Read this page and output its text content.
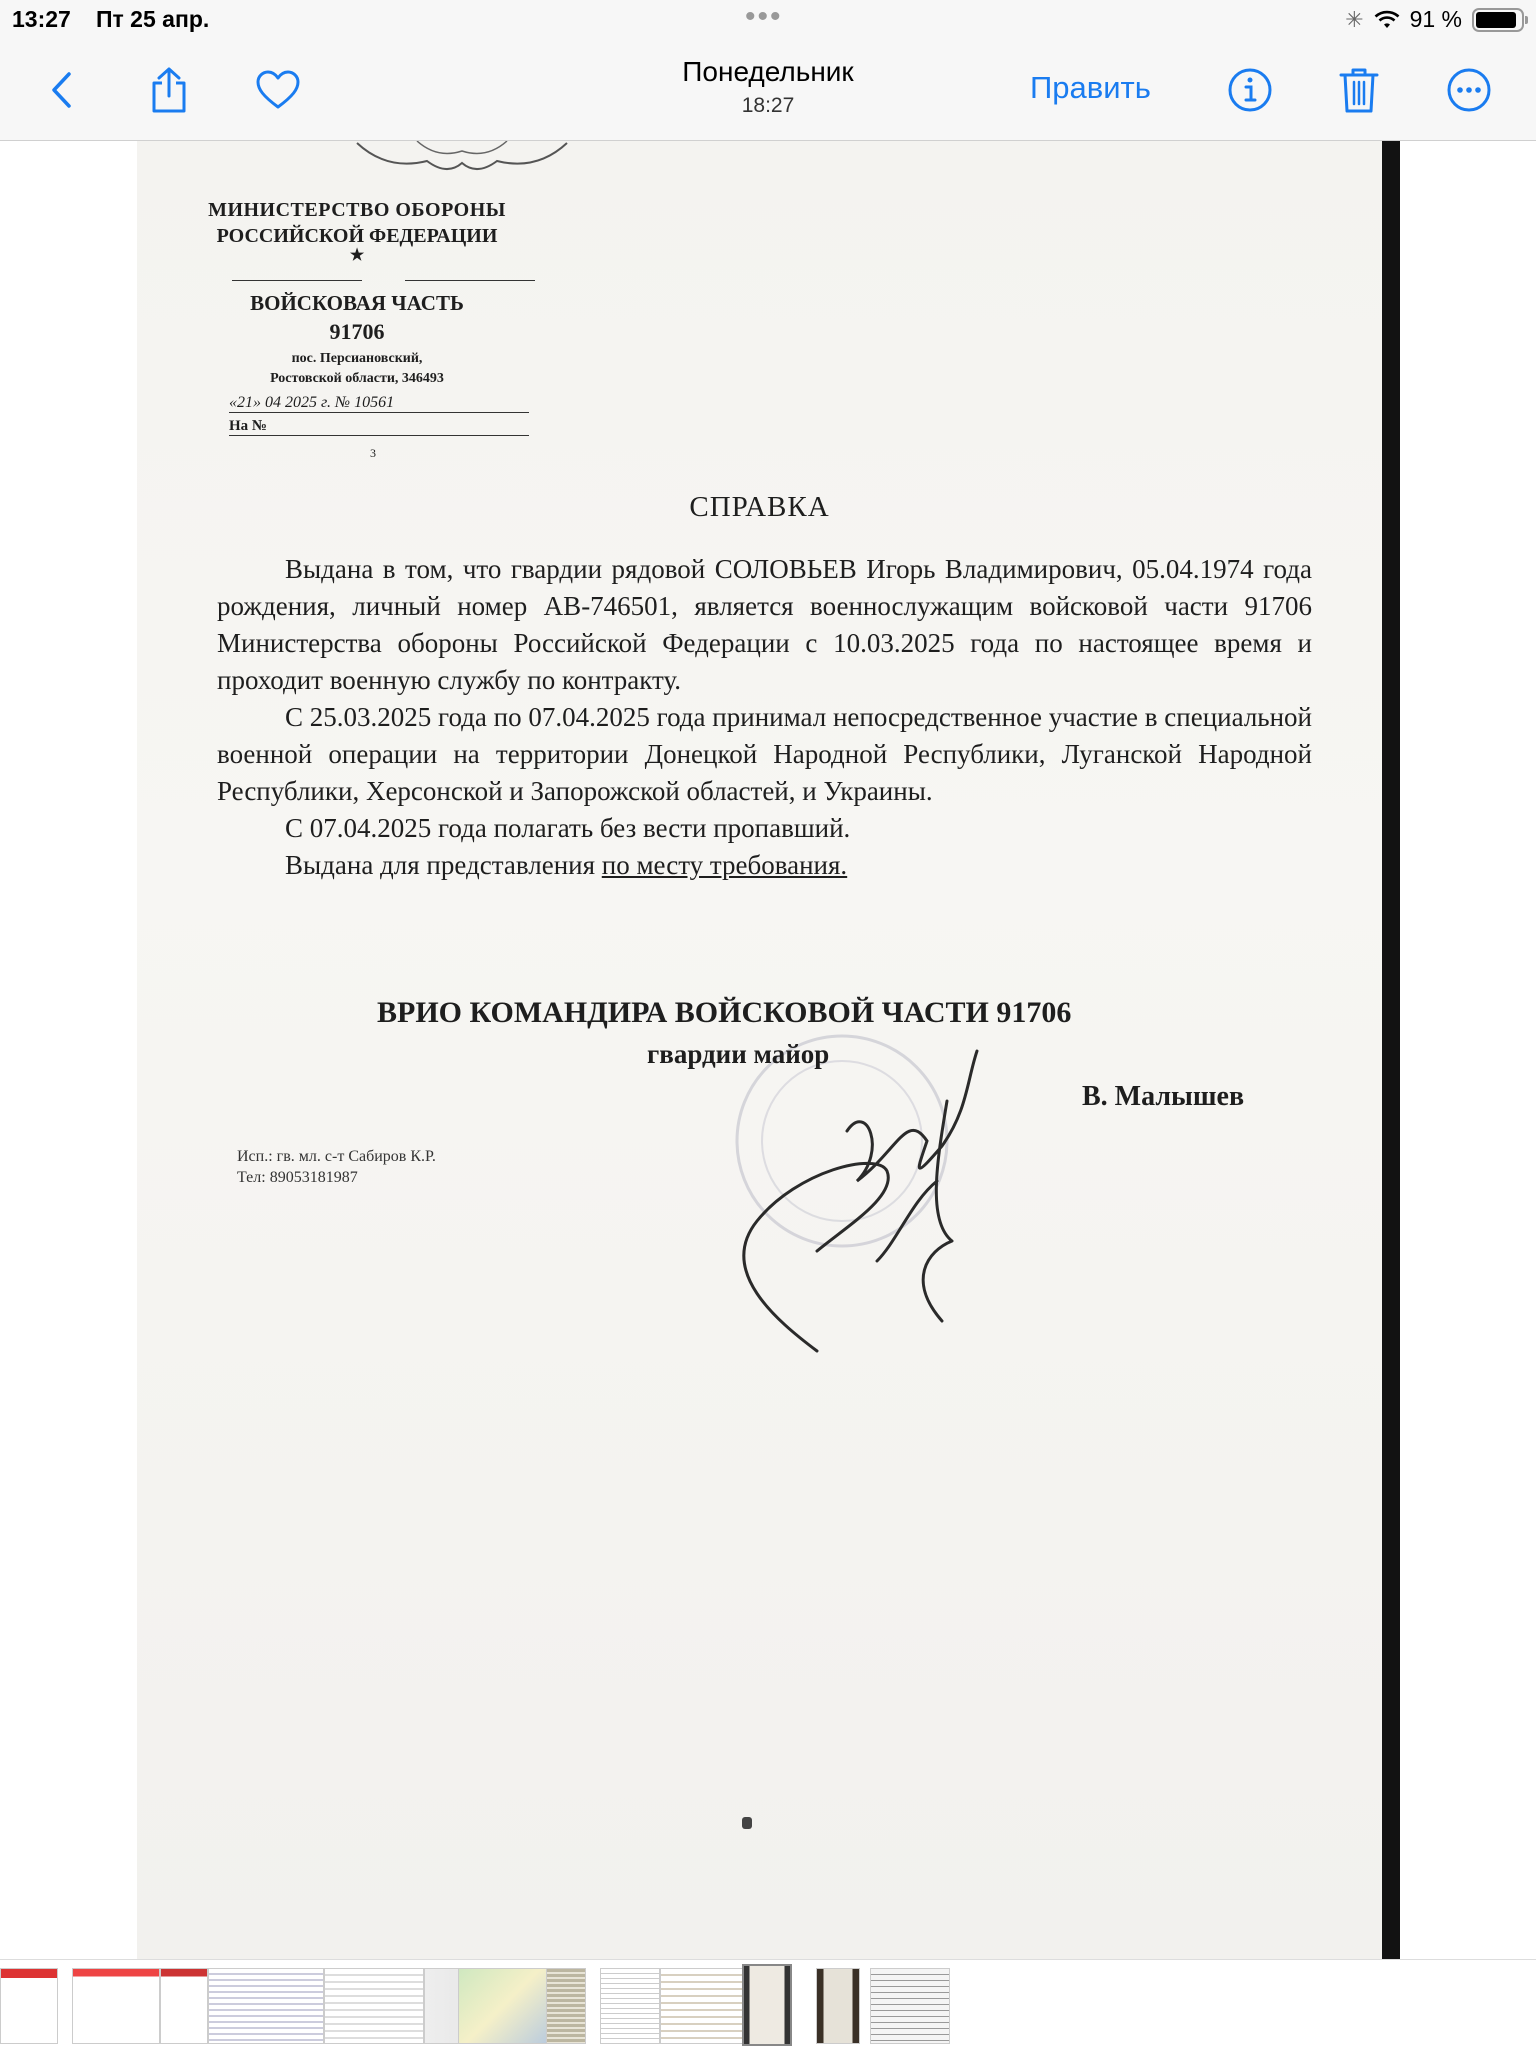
13:27 Пт 25 апр.	•••	✳ 91 %
Понедельник
18:27
Править
МИНИСТЕРСТВО ОБОРОНЫ
РОССИЙСКОЙ ФЕДЕРАЦИИ
★
ВОЙСКОВАЯ ЧАСТЬ
91706
пос. Персиановский,
Ростовской области, 346493
«21» 04 2025 г. № 10561
На №
3
СПРАВКА

Выдана в том, что гвардии рядовой СОЛОВЬЕВ Игорь Владимирович, 05.04.1974 года рождения, личный номер АВ-746501, является военнослужащим войсковой части 91706 Министерства обороны Российской Федерации с 10.03.2025 года по настоящее время и проходит военную службу по контракту.

С 25.03.2025 года по 07.04.2025 года принимал непосредственное участие в специальной военной операции на территории Донецкой Народной Республики, Луганской Народной Республики, Херсонской и Запорожской областей, и Украины.

С 07.04.2025 года полагать без вести пропавший.

Выдана для представления по месту требования.

ВРИО КОМАНДИРА ВОЙСКОВОЙ ЧАСТИ 91706
гвардии майор
В. Малышев
Исп.: гв. мл. с-т Сабиров К.Р.
Тел: 89053181987
